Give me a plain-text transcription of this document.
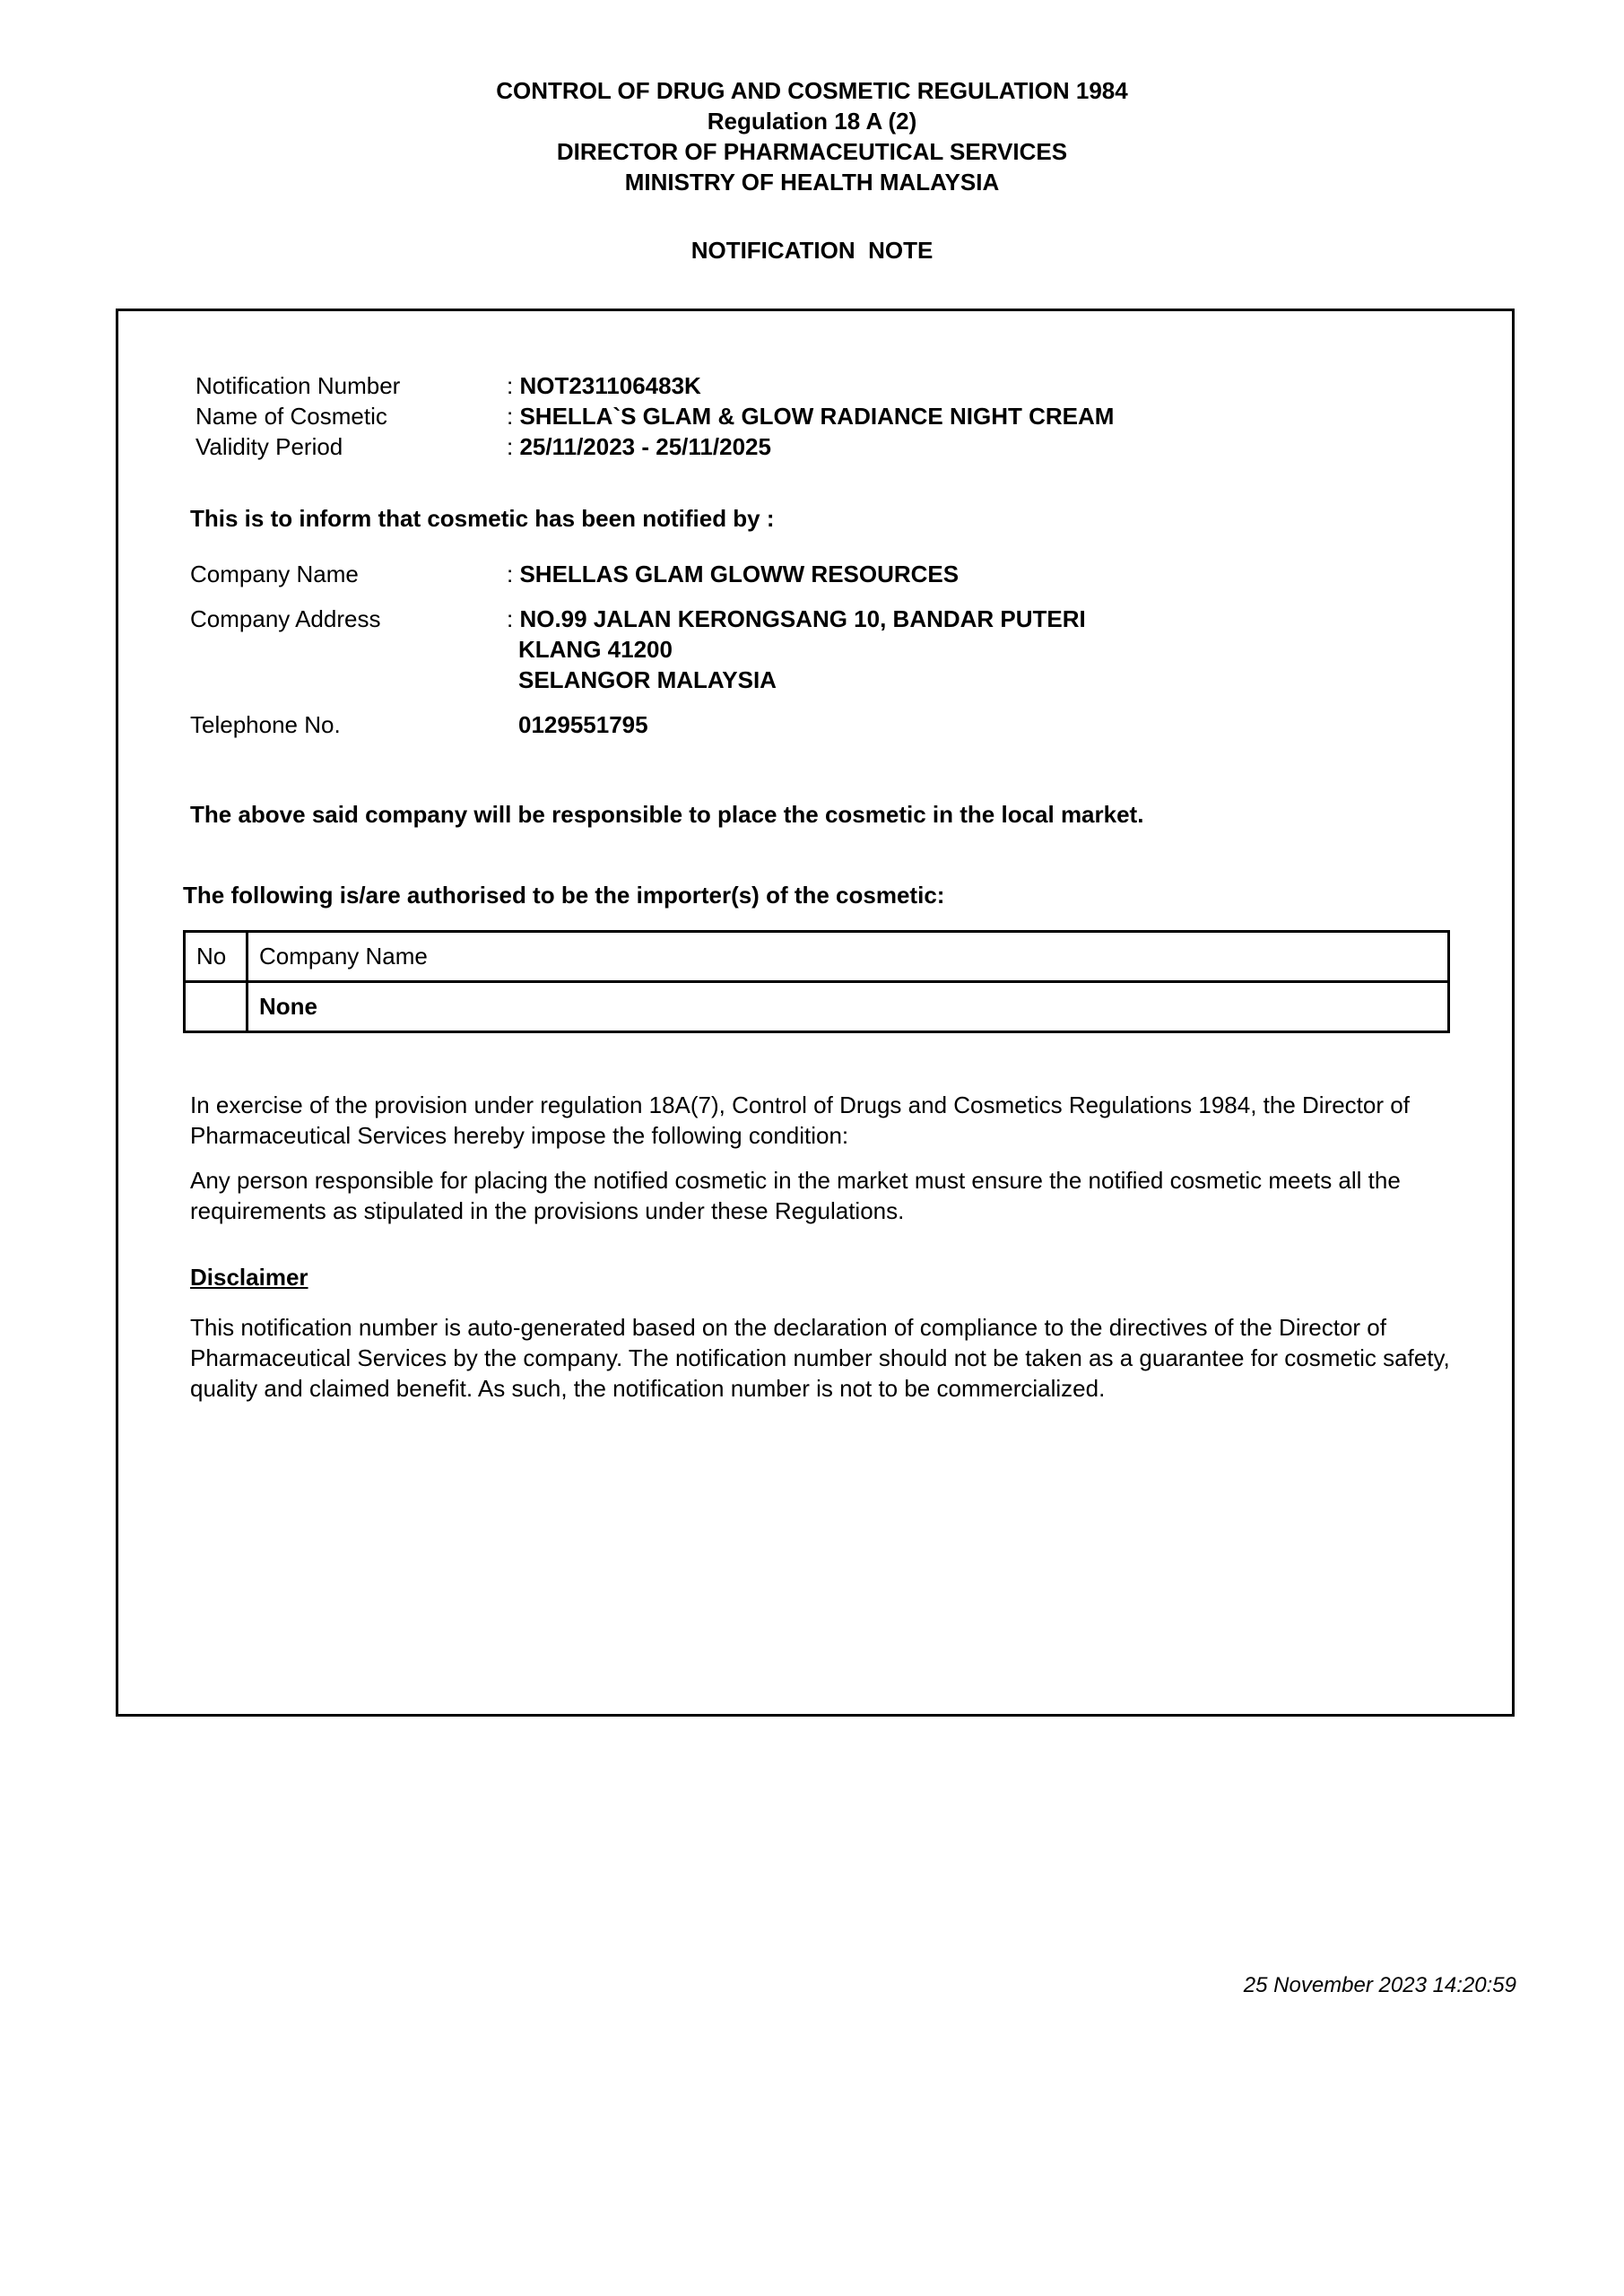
CONTROL OF DRUG AND COSMETIC REGULATION 1984
Regulation 18 A (2)
DIRECTOR OF PHARMACEUTICAL SERVICES
MINISTRY OF HEALTH MALAYSIA
NOTIFICATION  NOTE
Notification Number	: NOT231106483K
Name of Cosmetic	: SHELLA`S GLAM & GLOW RADIANCE NIGHT CREAM
Validity Period	: 25/11/2023 - 25/11/2025
This is to inform that cosmetic has been notified by :
Company Name	: SHELLAS GLAM GLOWW RESOURCES
Company Address	: NO.99 JALAN KERONGSANG 10, BANDAR PUTERI
KLANG 41200
SELANGOR MALAYSIA
Telephone No.	0129551795
The above said company will be responsible to place the cosmetic in the local market.
The following is/are authorised to be the importer(s) of the cosmetic:
No	Company Name
	None
In exercise of the provision under regulation 18A(7), Control of Drugs and Cosmetics Regulations 1984, the Director of Pharmaceutical Services hereby impose the following condition:
Any person responsible for placing the notified cosmetic in the market must ensure the notified cosmetic meets all the requirements as stipulated in the provisions under these Regulations.
Disclaimer
This notification number is auto-generated based on the declaration of compliance to the directives of the Director of Pharmaceutical Services by the company. The notification number should not be taken as a guarantee for cosmetic safety, quality and claimed benefit. As such, the notification number is not to be commercialized.
25 November 2023 14:20:59
